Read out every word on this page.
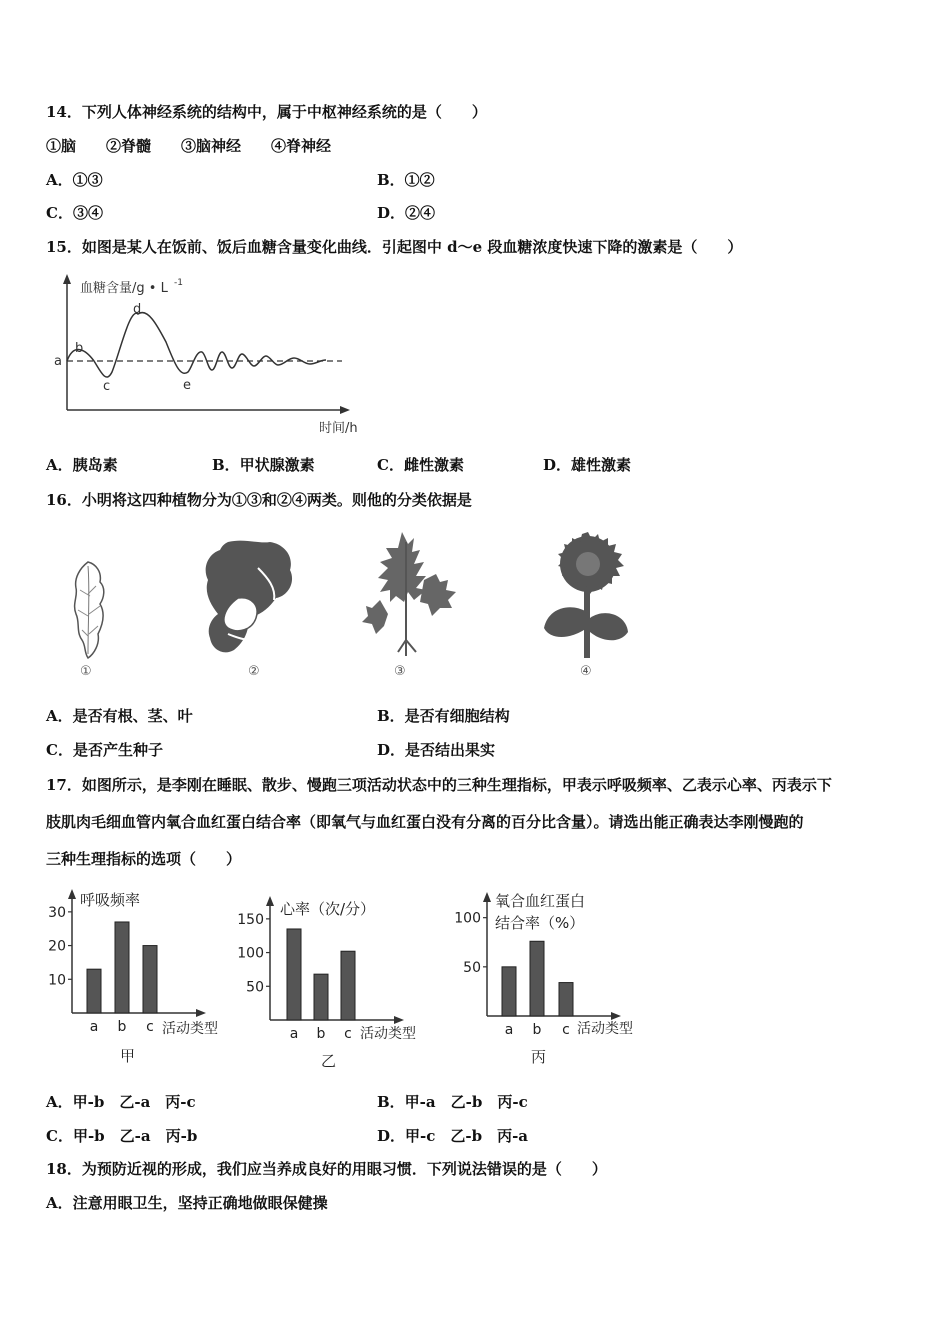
14．下列人体神经系统的结构中，属于中枢神经系统的是（　　）
①脑　　②脊髓　　③脑神经　　④脊神经
A．①③	B．①②
C．③④	D．②④
15．如图是某人在饭前、饭后血糖含量变化曲线．引起图中 d～e 段血糖浓度快速下降的激素是（　　）
血糖含量/g • L -1
时间/h
a
b
c
d
e
A．胰岛素	B．甲状腺激素	C．雌性激素	D．雄性激素
16．小明将这四种植物分为①③和②④两类。则他的分类依据是
①	②	③	④
A．是否有根、茎、叶	B．是否有细胞结构
C．是否产生种子	D．是否结出果实
17．如图所示，是李刚在睡眠、散步、慢跑三项活动状态中的三种生理指标，甲表示呼吸频率、乙表示心率、丙表示下
肢肌肉毛细血管内氧合血红蛋白结合率（即氧气与血红蛋白没有分离的百分比含量）。请选出能正确表达李刚慢跑的
三种生理指标的选项（　　）
呼吸频率
10
20
30
a b c 活动类型
甲
心率（次/分）
50
100
150
a b c 活动类型
乙
氧合血红蛋白
结合率（%）
50
100
a b c 活动类型
丙
A．甲-b　乙-a　丙-c	B．甲-a　乙-b　丙-c
C．甲-b　乙-a　丙-b	D．甲-c　乙-b　丙-a
18．为预防近视的形成，我们应当养成良好的用眼习惯．下列说法错误的是（　　）
A．注意用眼卫生，坚持正确地做眼保健操
